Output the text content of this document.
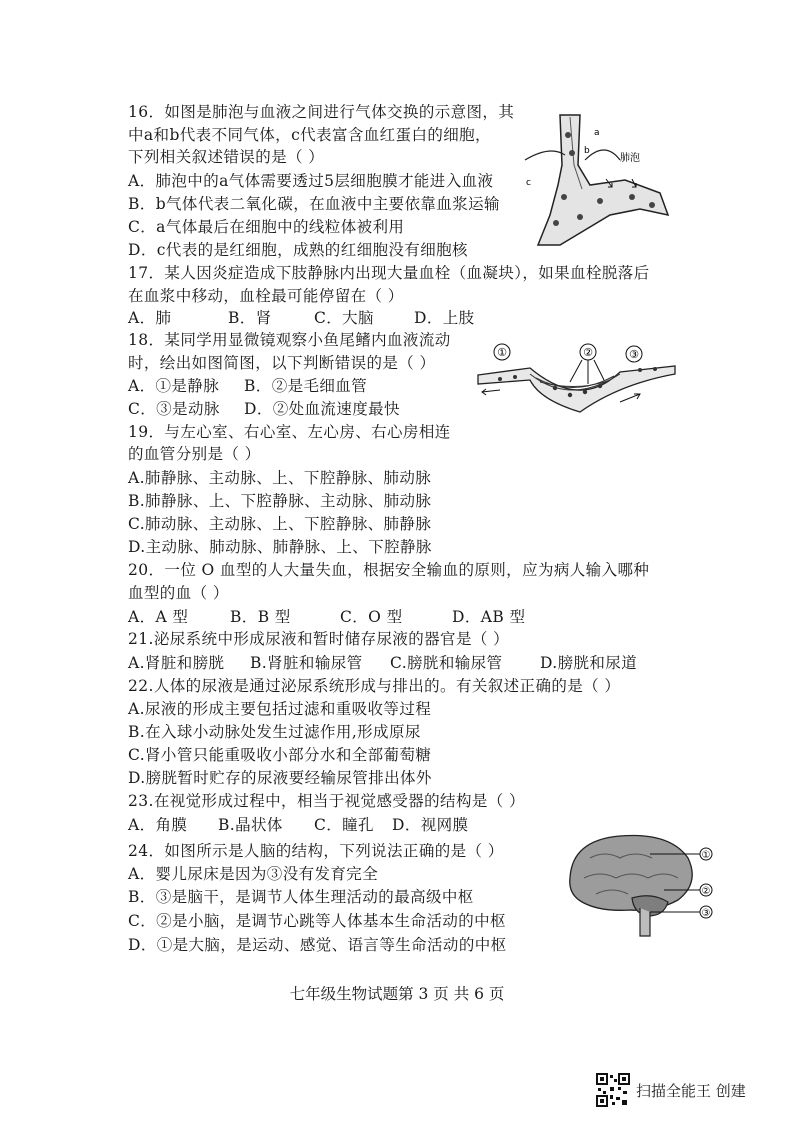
16．如图是肺泡与血液之间进行气体交换的示意图，其
中a和b代表不同气体，c代表富含血红蛋白的细胞，
下列相关叙述错误的是（ ）
A．肺泡中的a气体需要透过5层细胞膜才能进入血液
B．b气体代表二氧化碳，在血液中主要依靠血浆运输
C．a气体最后在细胞中的线粒体被利用
D．c代表的是红细胞，成熟的红细胞没有细胞核
a
b
c
肺泡
17．某人因炎症造成下肢静脉内出现大量血栓（血凝块），如果血栓脱落后
在血浆中移动，血栓最可能停留在（ ）
A．肺	B．肾	C．大脑	D．上肢
18．某同学用显微镜观察小鱼尾鳍内血液流动
时，绘出如图简图，以下判断错误的是（ ）
A．①是静脉 B．②是毛细血管
C．③是动脉 D．②处血流速度最快
①	②	③
19．与左心室、右心室、左心房、右心房相连
的血管分别是（ ）
A.肺静脉、主动脉、上、下腔静脉、肺动脉
B.肺静脉、上、下腔静脉、主动脉、肺动脉
C.肺动脉、主动脉、上、下腔静脉、肺静脉
D.主动脉、肺动脉、肺静脉、上、下腔静脉
20．一位 O 血型的人大量失血，根据安全输血的原则，应为病人输入哪种
血型的血（ ）
A．A 型	B．B 型	C．O 型	D．AB 型
21.泌尿系统中形成尿液和暂时储存尿液的器官是（ ）
A.肾脏和膀胱 B.肾脏和输尿管 C.膀胱和输尿管 D.膀胱和尿道
22.人体的尿液是通过泌尿系统形成与排出的。有关叙述正确的是（ ）
A.尿液的形成主要包括过滤和重吸收等过程
B.在入球小动脉处发生过滤作用,形成原尿
C.肾小管只能重吸收小部分水和全部葡萄糖
D.膀胱暂时贮存的尿液要经输尿管排出体外
23.在视觉形成过程中，相当于视觉感受器的结构是（ ）
A．角膜 B.晶状体 C．瞳孔 D．视网膜
24．如图所示是人脑的结构，下列说法正确的是（ ）
A．婴儿尿床是因为③没有发育完全
B．③是脑干，是调节人体生理活动的最高级中枢
C．②是小脑，是调节心跳等人体基本生命活动的中枢
D．①是大脑，是运动、感觉、语言等生命活动的中枢
①
②
③
七年级生物试题第 3 页 共 6 页
扫描全能王 创建
